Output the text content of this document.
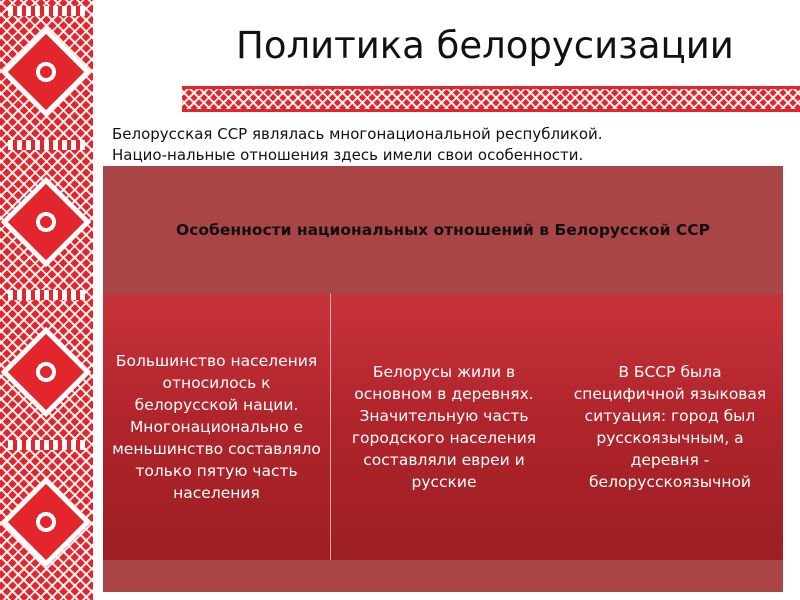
Политика белорусизации

Белорусская ССР являлась многонациональной республикой.

Нацио-нальные отношения здесь имели свои особенности.

Особенности национальных отношений в Белорусской ССР
Большинство населения относилось к белорусской нации. Многонационально е меньшинство составляло только пятую часть населения
Белорусы жили в основном в деревнях. Значительную часть городского населения составляли евреи и русские
В БССР была специфичной языковая ситуация: город был русскоязычным, а деревня - белорусскоязычной
